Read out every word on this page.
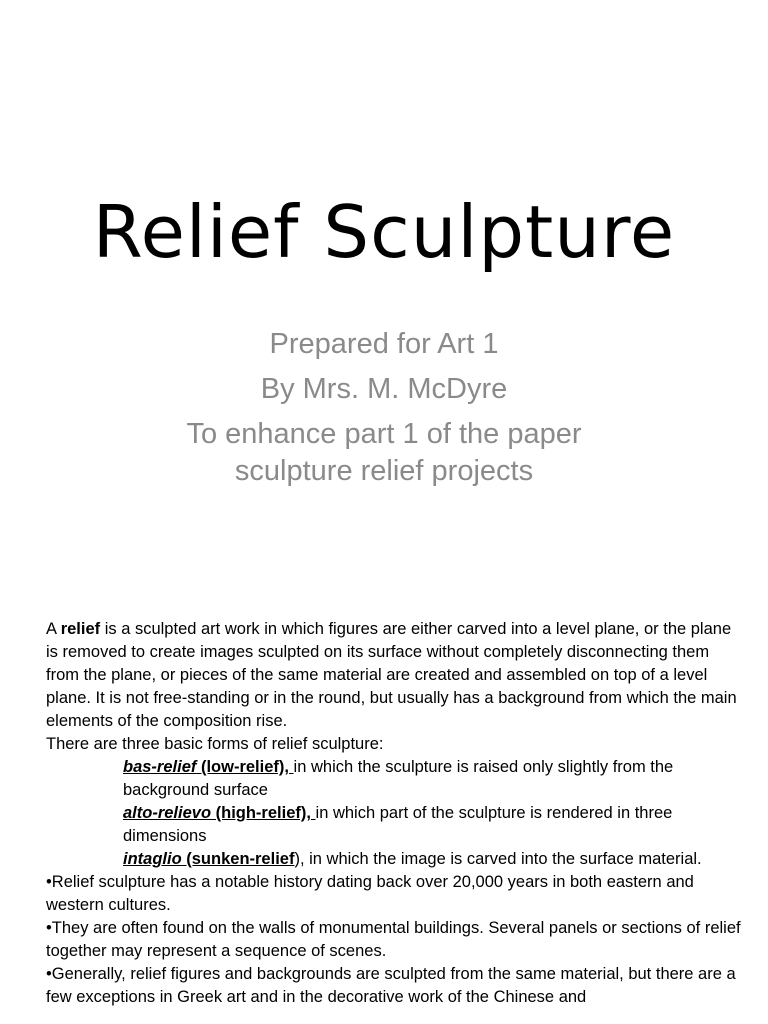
Relief Sculpture
Prepared for Art 1
By Mrs. M. McDyre
To enhance part 1 of the paper
sculpture relief projects

A relief is a sculpted art work in which figures are either carved into a level plane, or the plane is removed to create images sculpted on its surface without completely disconnecting them from the plane, or pieces of the same material are created and assembled on top of a level plane. It is not free-standing or in the round, but usually has a background from which the main elements of the composition rise.

There are three basic forms of relief sculpture:

bas-relief (low-relief), in which the sculpture is raised only slightly from the background surface

alto-relievo (high-relief), in which part of the sculpture is rendered in three dimensions

intaglio (sunken-relief), in which the image is carved into the surface material.

•Relief sculpture has a notable history dating back over 20,000 years in both eastern and western cultures.

•They are often found on the walls of monumental buildings. Several panels or sections of relief together may represent a sequence of scenes.

•Generally, relief figures and backgrounds are sculpted from the same material, but there are a few exceptions in Greek art and in the decorative work of the Chinese and
